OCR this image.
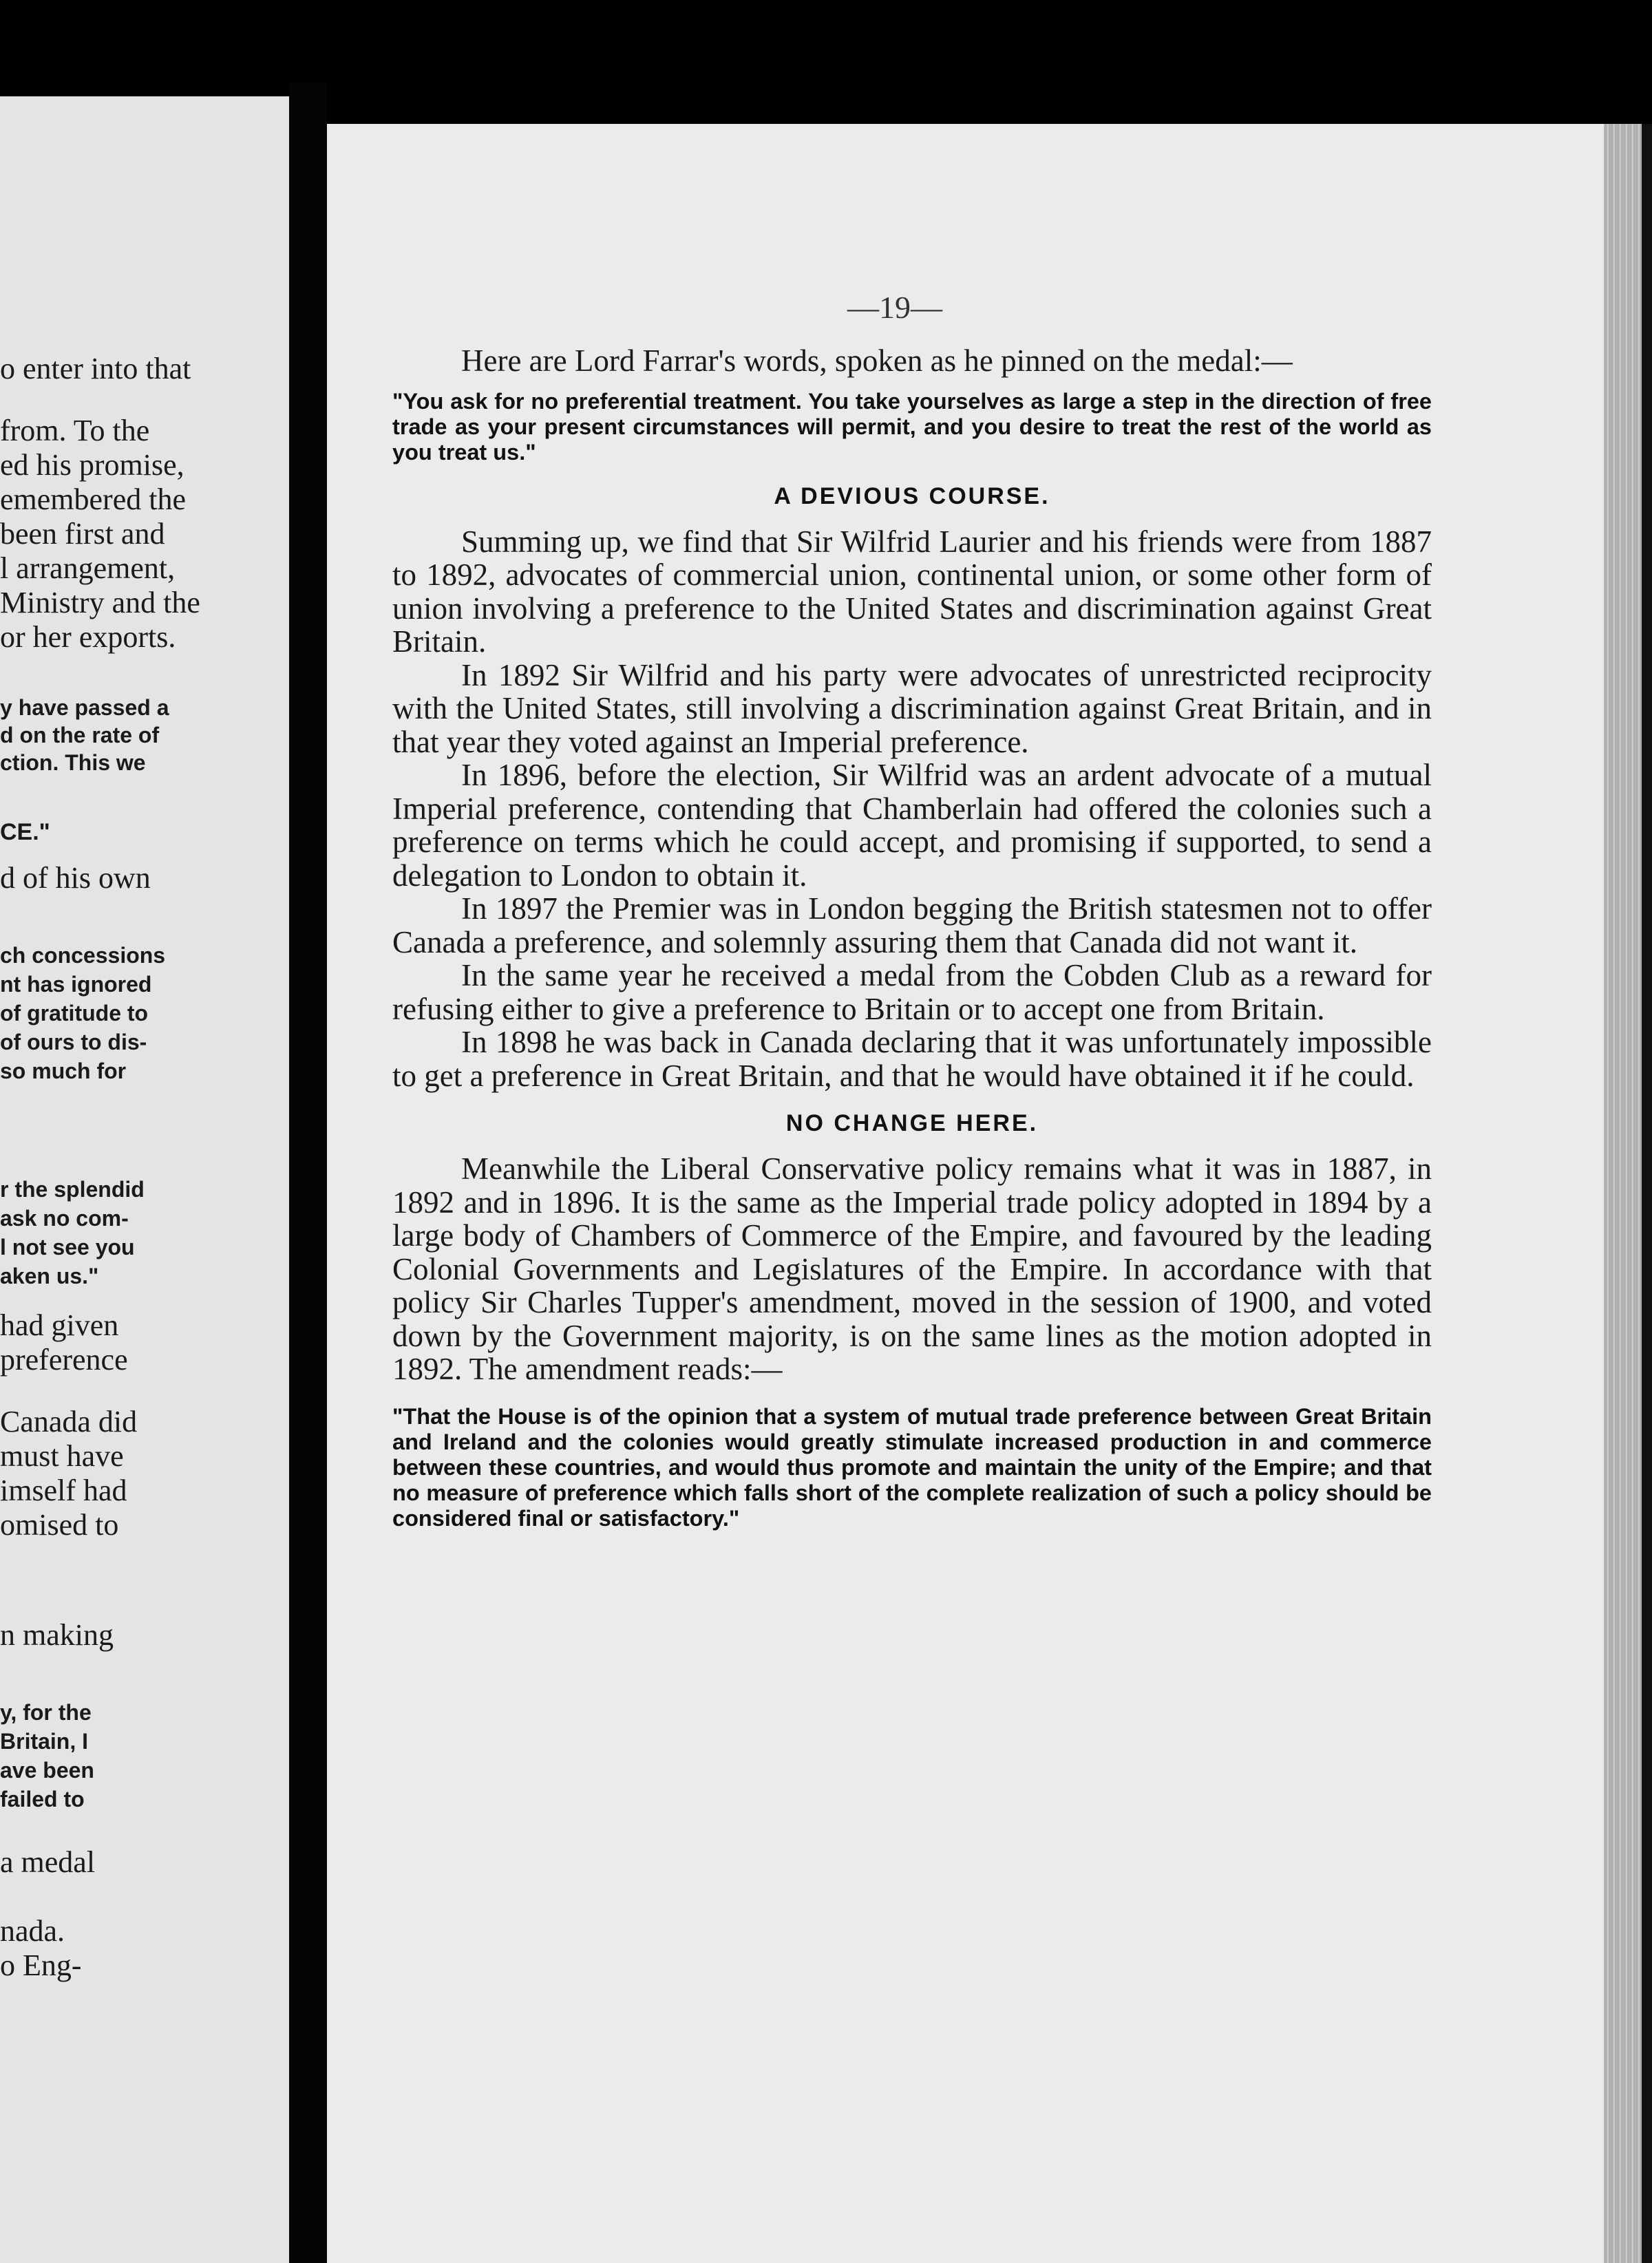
o enter into that
from. To the
ed his promise,
emembered the
been first and
l arrangement,
Ministry and the
or her exports.
y have passed a
d on the rate of
ction. This we
CE."
d of his own
ch concessions
nt has ignored
of gratitude to
of ours to dis-
so much for
r the splendid
ask no com-
l not see you
aken us."
had given
preference
Canada did
must have
imself had
omised to
n making
y, for the
Britain, I
ave been
failed to
a medal
nada.
o Eng-
—19—

Here are Lord Farrar's words, spoken as he pinned on the medal:—

"You ask for no preferential treatment. You take yourselves as large a step in the direction of free trade as your present circumstances will permit, and you desire to treat the rest of the world as you treat us."

A DEVIOUS COURSE.

Summing up, we find that Sir Wilfrid Laurier and his friends were from 1887 to 1892, advocates of commercial union, continental union, or some other form of union involving a preference to the United States and discrimination against Great Britain.

In 1892 Sir Wilfrid and his party were advocates of unrestricted reciprocity with the United States, still involving a discrimination against Great Britain, and in that year they voted against an Imperial preference.

In 1896, before the election, Sir Wilfrid was an ardent advocate of a mutual Imperial preference, contending that Chamberlain had offered the colonies such a preference on terms which he could accept, and promising if supported, to send a delegation to London to obtain it.

In 1897 the Premier was in London begging the British statesmen not to offer Canada a preference, and solemnly assuring them that Canada did not want it.

In the same year he received a medal from the Cobden Club as a reward for refusing either to give a preference to Britain or to accept one from Britain.

In 1898 he was back in Canada declaring that it was unfortunately impossible to get a preference in Great Britain, and that he would have obtained it if he could.

NO CHANGE HERE.

Meanwhile the Liberal Conservative policy remains what it was in 1887, in 1892 and in 1896. It is the same as the Imperial trade policy adopted in 1894 by a large body of Chambers of Commerce of the Empire, and favoured by the leading Colonial Governments and Legislatures of the Empire. In accordance with that policy Sir Charles Tupper's amendment, moved in the session of 1900, and voted down by the Government majority, is on the same lines as the motion adopted in 1892. The amendment reads:—

"That the House is of the opinion that a system of mutual trade preference between Great Britain and Ireland and the colonies would greatly stimulate increased production in and commerce between these countries, and would thus promote and maintain the unity of the Empire; and that no measure of preference which falls short of the complete realization of such a policy should be considered final or satisfactory."
